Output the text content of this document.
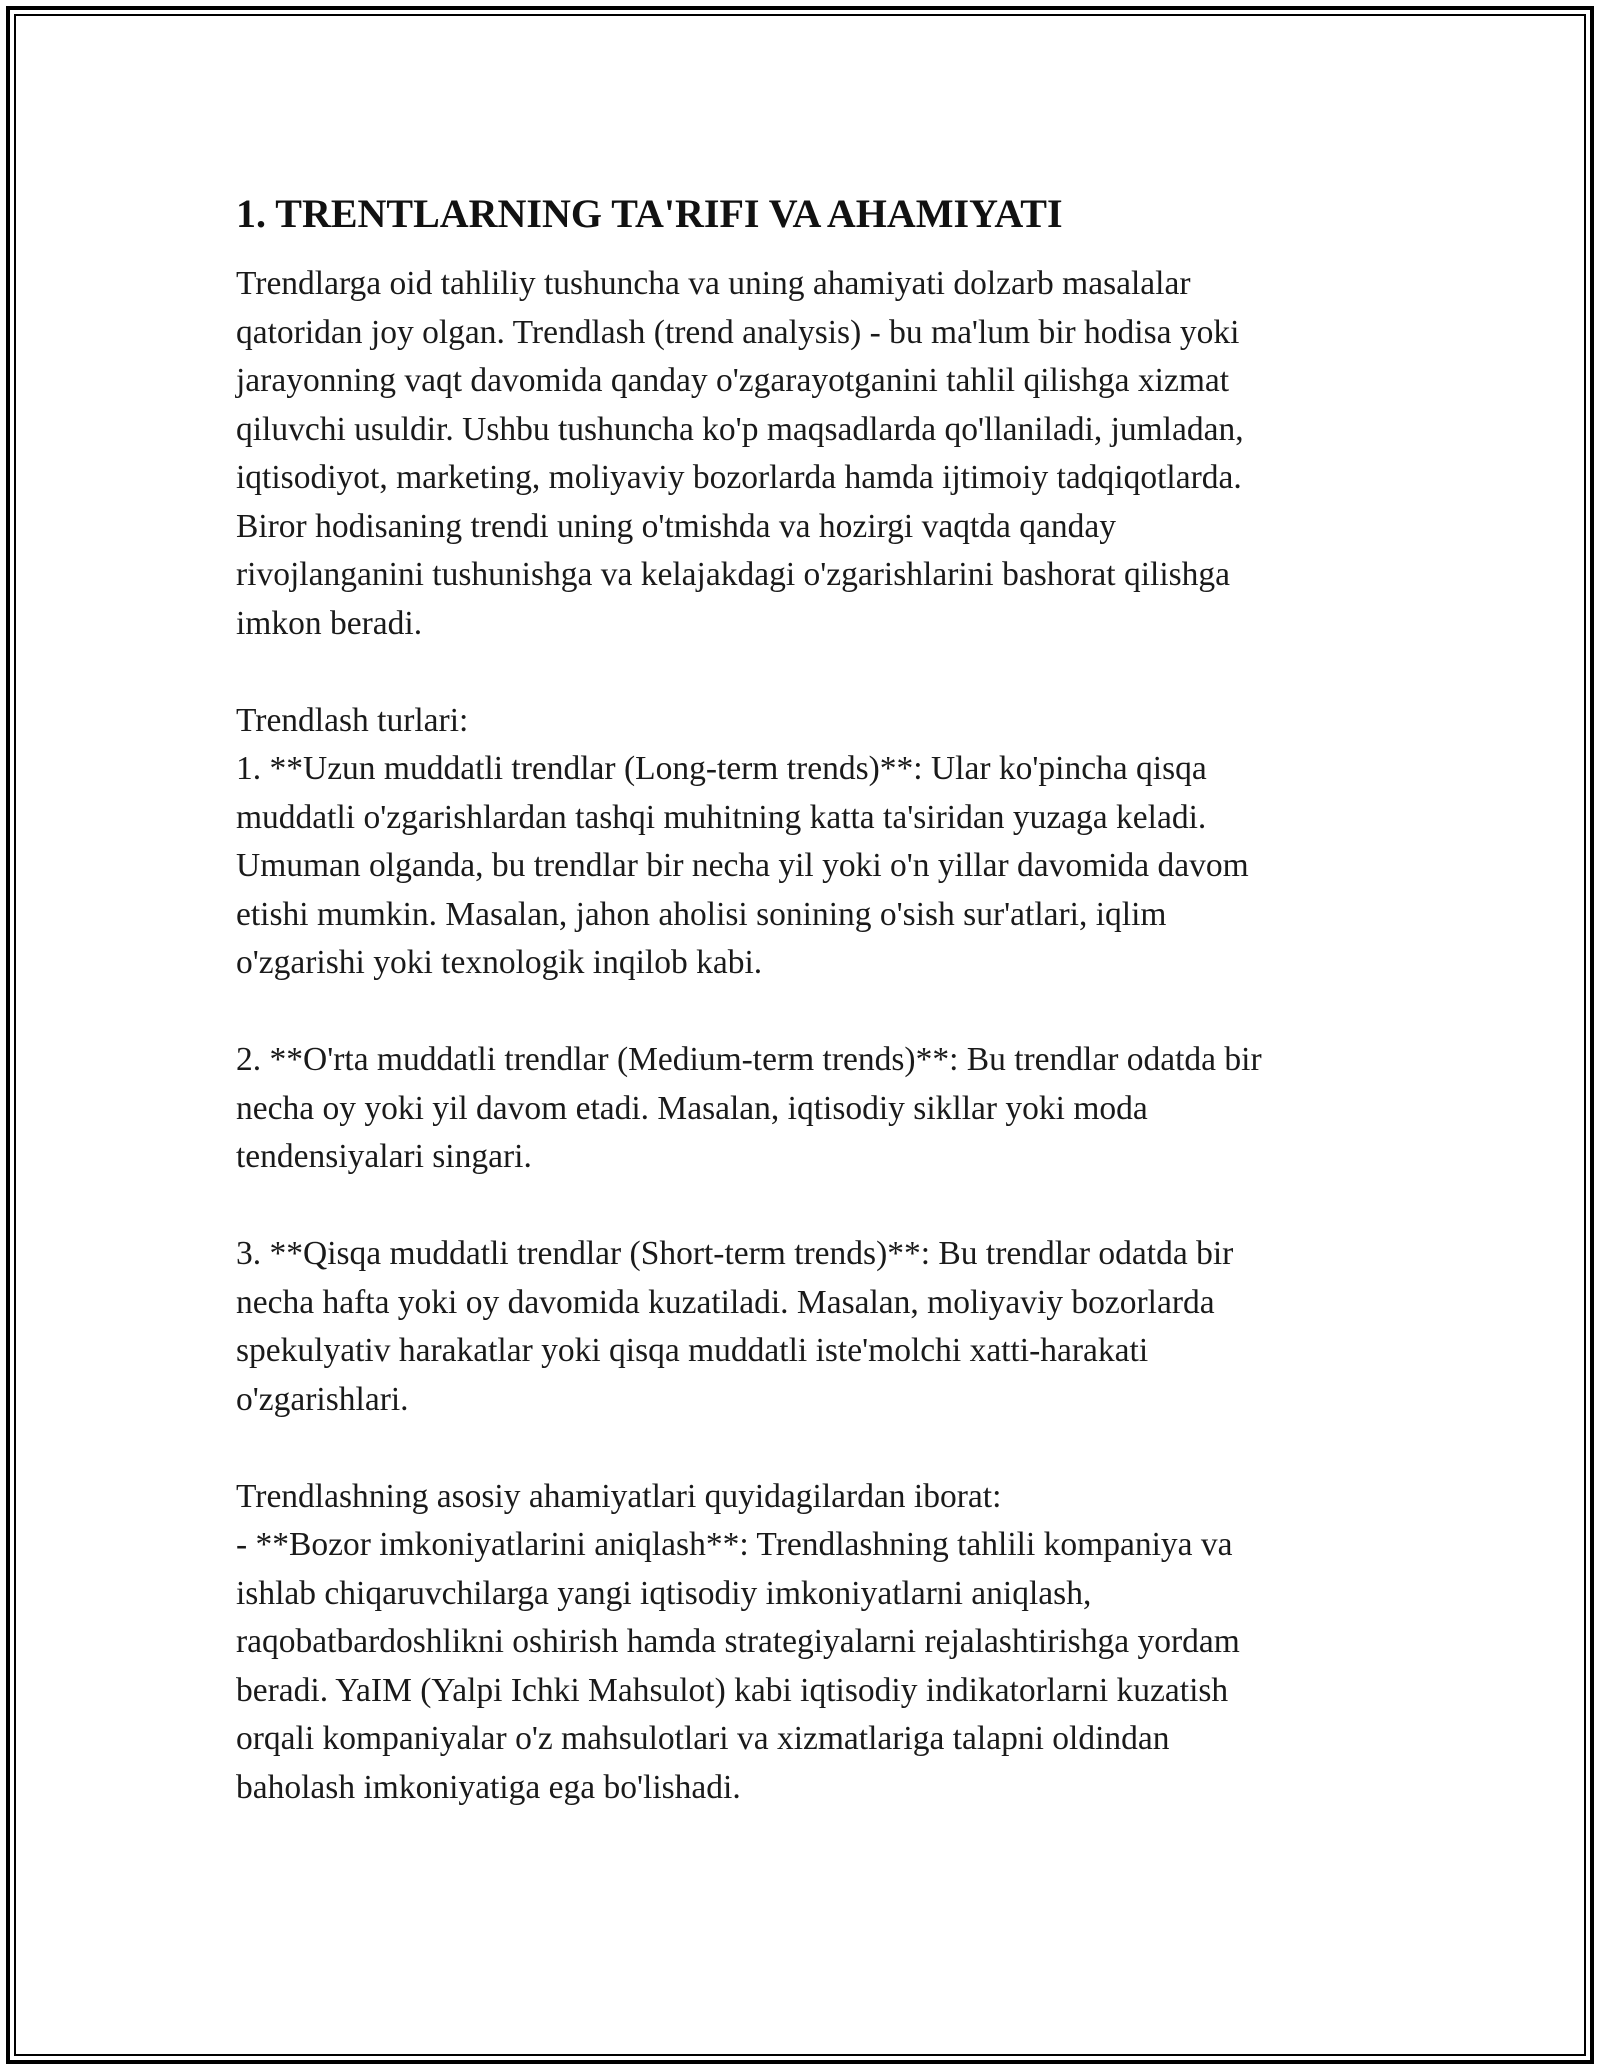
1. TRENTLARNING TA'RIFI VA AHAMIYATI
Trendlarga oid tahliliy tushuncha va uning ahamiyati dolzarb masalalar
qatoridan joy olgan. Trendlash (trend analysis) - bu ma'lum bir hodisa yoki
jarayonning vaqt davomida qanday o'zgarayotganini tahlil qilishga xizmat
qiluvchi usuldir. Ushbu tushuncha ko'p maqsadlarda qo'llaniladi, jumladan,
iqtisodiyot, marketing, moliyaviy bozorlarda hamda ijtimoiy tadqiqotlarda.
Biror hodisaning trendi uning o'tmishda va hozirgi vaqtda qanday
rivojlanganini tushunishga va kelajakdagi o'zgarishlarini bashorat qilishga
imkon beradi.
Trendlash turlari:
1. **Uzun muddatli trendlar (Long-term trends)**: Ular ko'pincha qisqa
muddatli o'zgarishlardan tashqi muhitning katta ta'siridan yuzaga keladi.
Umuman olganda, bu trendlar bir necha yil yoki o'n yillar davomida davom
etishi mumkin. Masalan, jahon aholisi sonining o'sish sur'atlari, iqlim
o'zgarishi yoki texnologik inqilob kabi.
2. **O'rta muddatli trendlar (Medium-term trends)**: Bu trendlar odatda bir
necha oy yoki yil davom etadi. Masalan, iqtisodiy sikllar yoki moda
tendensiyalari singari.
3. **Qisqa muddatli trendlar (Short-term trends)**: Bu trendlar odatda bir
necha hafta yoki oy davomida kuzatiladi. Masalan, moliyaviy bozorlarda
spekulyativ harakatlar yoki qisqa muddatli iste'molchi xatti-harakati
o'zgarishlari.
Trendlashning asosiy ahamiyatlari quyidagilardan iborat:
- **Bozor imkoniyatlarini aniqlash**: Trendlashning tahlili kompaniya va
ishlab chiqaruvchilarga yangi iqtisodiy imkoniyatlarni aniqlash,
raqobatbardoshlikni oshirish hamda strategiyalarni rejalashtirishga yordam
beradi. YaIM (Yalpi Ichki Mahsulot) kabi iqtisodiy indikatorlarni kuzatish
orqali kompaniyalar o'z mahsulotlari va xizmatlariga talapni oldindan
baholash imkoniyatiga ega bo'lishadi.
